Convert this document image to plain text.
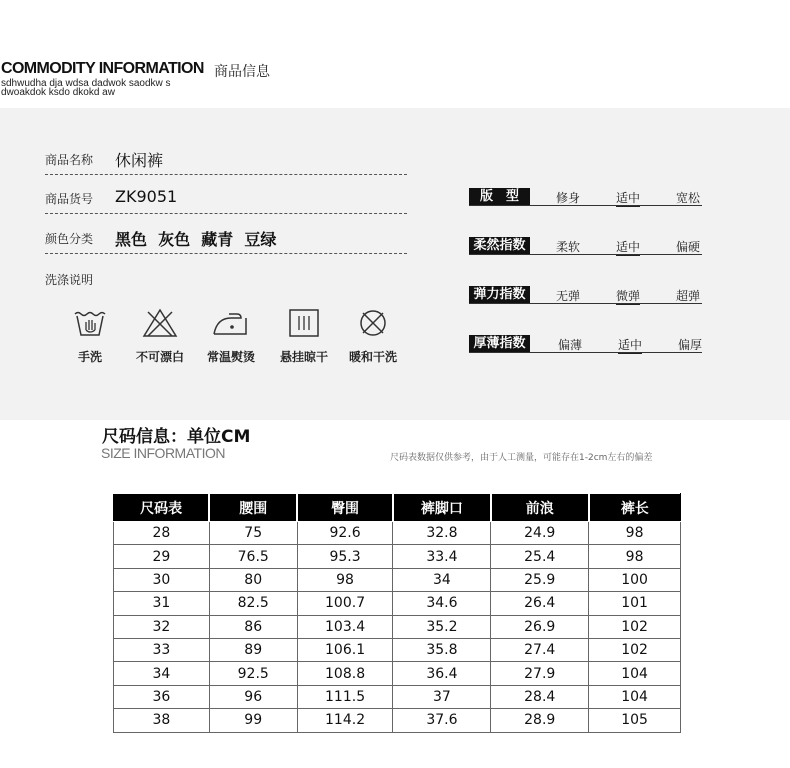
COMMODITY INFORMATION 商品信息
sdhwudha dja wdsa dadwok saodkw s
dwoakdok ksdo dkokd aw
商品名称 休闲裤
商品货号 ZK9051
颜色分类 黑色  灰色  藏青  豆绿
洗涤说明
手洗	不可漂白	常温熨烫	悬挂晾干	暖和干洗
版　型	修身	适中	宽松
柔然指数	柔软	适中	偏硬
弹力指数	无弹	微弹	超弹
厚薄指数	偏薄	适中	偏厚
尺码信息：单位CM
SIZE INFORMATION	尺码表数据仅供参考，由于人工测量，可能存在1-2cm左右的偏差
尺码表	腰围	臀围	裤脚口	前浪	裤长
28	75	92.6	32.8	24.9	98
29	76.5	95.3	33.4	25.4	98
30	80	98	34	25.9	100
31	82.5	100.7	34.6	26.4	101
32	86	103.4	35.2	26.9	102
33	89	106.1	35.8	27.4	102
34	92.5	108.8	36.4	27.9	104
36	96	111.5	37	28.4	104
38	99	114.2	37.6	28.9	105
